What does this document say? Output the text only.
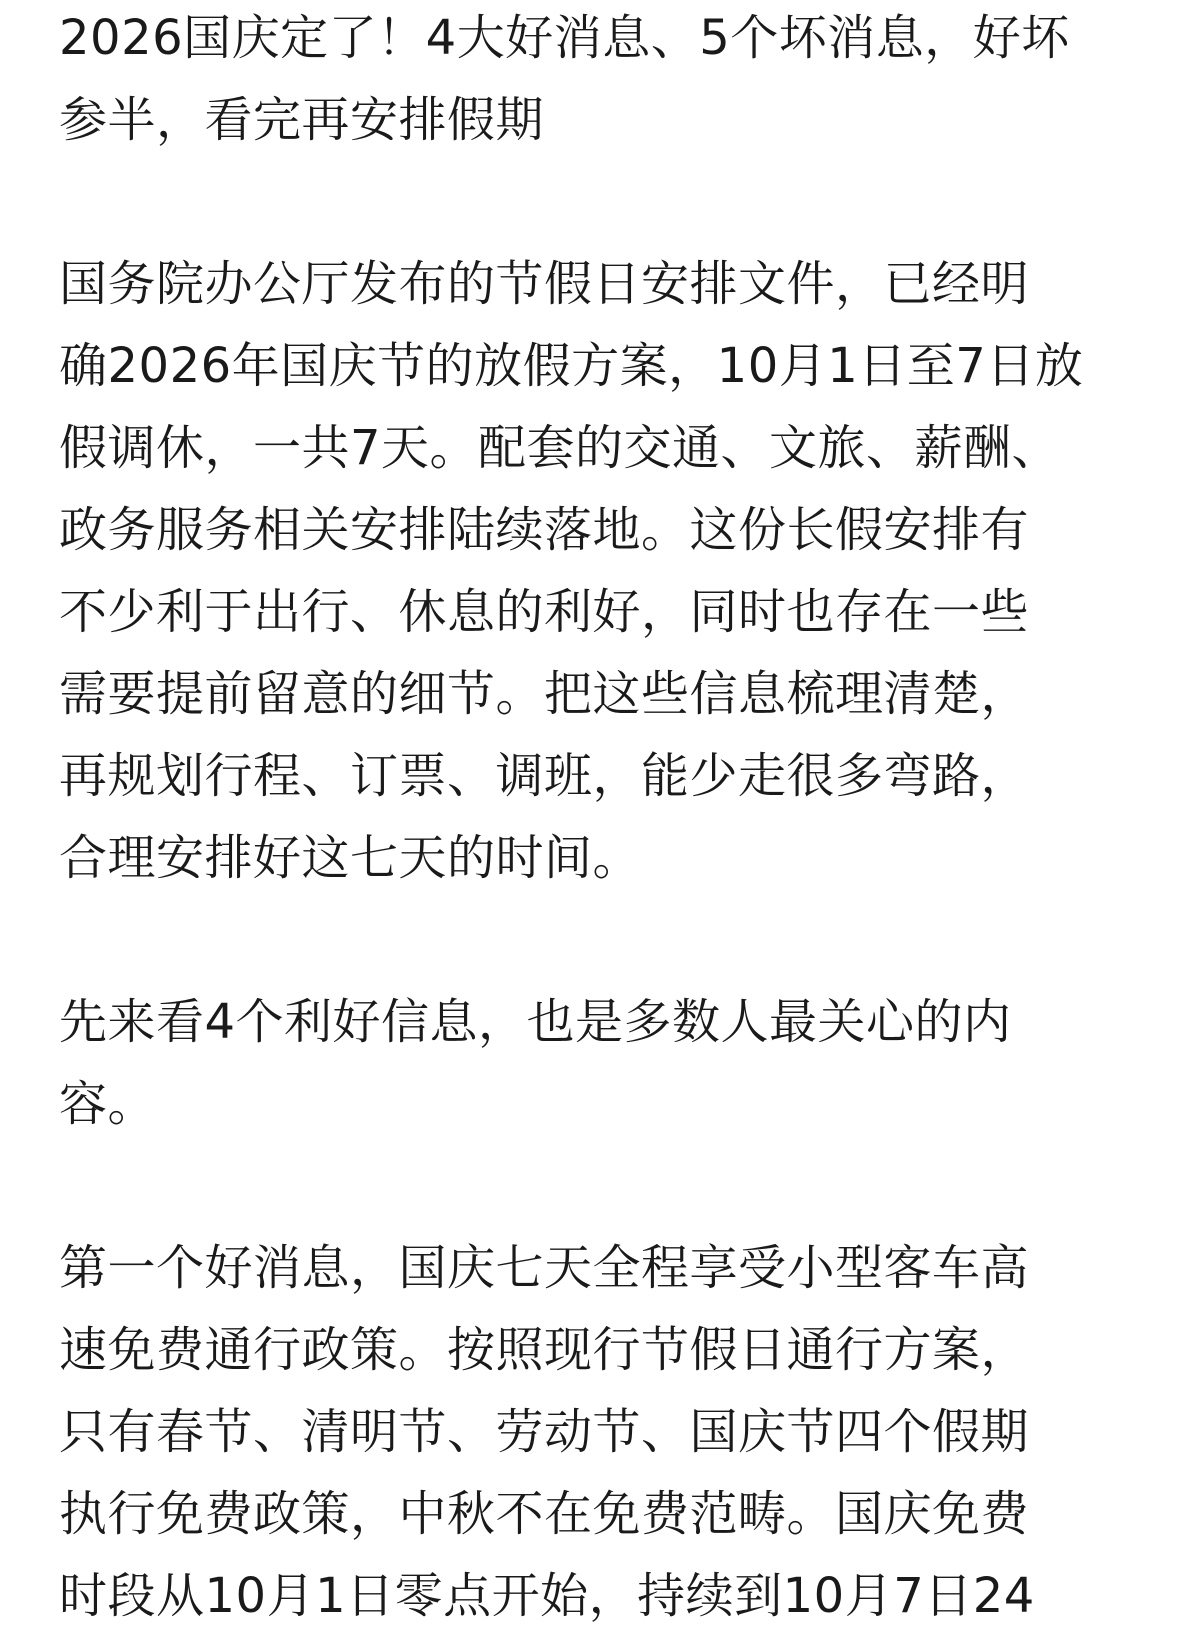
2026国庆定了！4大好消息、5个坏消息，好坏
参半，看完再安排假期

国务院办公厅发布的节假日安排文件，已经明
确2026年国庆节的放假方案，10月1日至7日放
假调休，一共7天。配套的交通、文旅、薪酬、
政务服务相关安排陆续落地。这份长假安排有
不少利于出行、休息的利好，同时也存在一些
需要提前留意的细节。把这些信息梳理清楚，
再规划行程、订票、调班，能少走很多弯路，
合理安排好这七天的时间。

先来看4个利好信息，也是多数人最关心的内
容。

第一个好消息，国庆七天全程享受小型客车高
速免费通行政策。按照现行节假日通行方案，
只有春节、清明节、劳动节、国庆节四个假期
执行免费政策，中秋不在免费范畴。国庆免费
时段从10月1日零点开始，持续到10月7日24
